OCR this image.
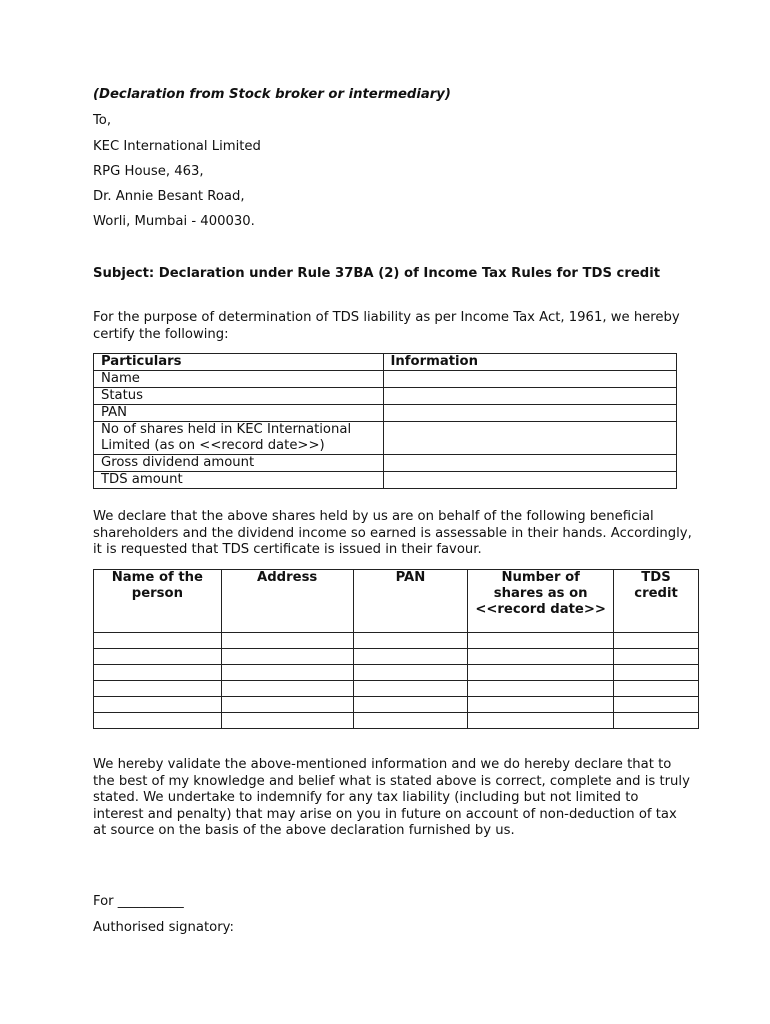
(Declaration from Stock broker or intermediary)

To,

KEC International Limited

RPG House, 463,

Dr. Annie Besant Road,

Worli, Mumbai - 400030.

Subject: Declaration under Rule 37BA (2) of Income Tax Rules for TDS credit

For the purpose of determination of TDS liability as per Income Tax Act, 1961, we hereby certify the following:

Particulars	Information
Name	
Status	
PAN	
No of shares held in KEC International Limited (as on <<record date>>)	
Gross dividend amount	
TDS amount	

We declare that the above shares held by us are on behalf of the following beneficial shareholders and the dividend income so earned is assessable in their hands. Accordingly, it is requested that TDS certificate is issued in their favour.

Name of the person	Address	PAN	Number of shares as on <<record date>>	TDS credit

We hereby validate the above-mentioned information and we do hereby declare that to the best of my knowledge and belief what is stated above is correct, complete and is truly stated. We undertake to indemnify for any tax liability (including but not limited to interest and penalty) that may arise on you in future on account of non-deduction of tax at source on the basis of the above declaration furnished by us.

For __________

Authorised signatory:
